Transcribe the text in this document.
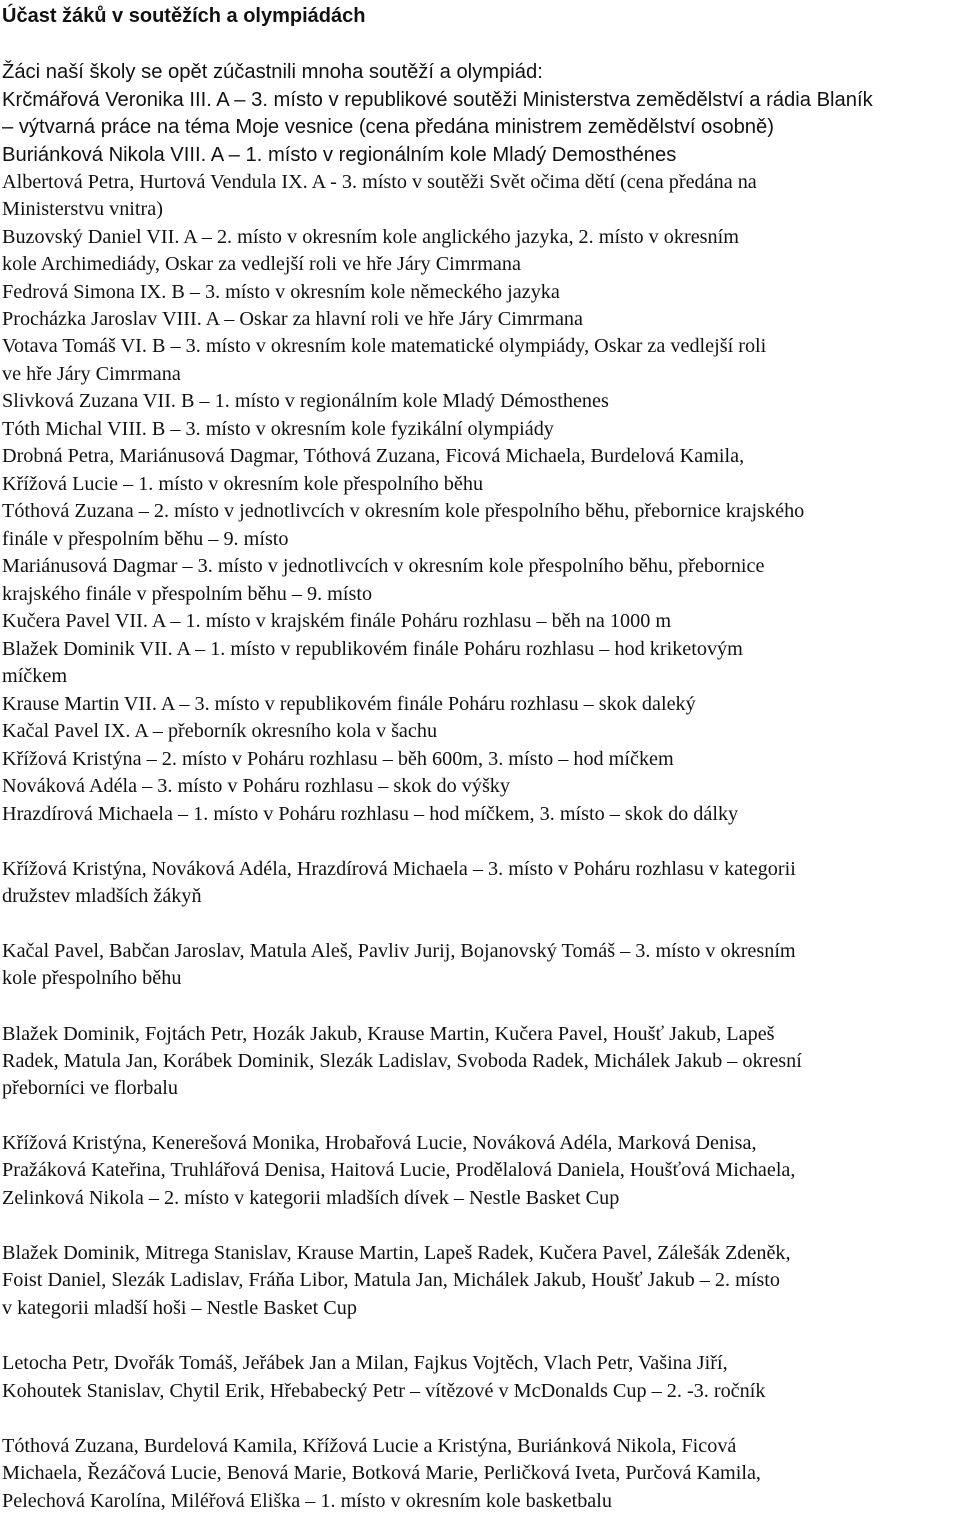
Účast žáků v soutěžích a olympiádách

Žáci naší školy se opět zúčastnili mnoha soutěží a olympiád:

Krčmářová Veronika III. A – 3. místo v republikové soutěži Ministerstva zemědělství a rádia Blaník

– výtvarná práce na téma Moje vesnice (cena předána ministrem zemědělství osobně)

Buriánková Nikola VIII. A – 1. místo v regionálním kole Mladý Demosthénes

Albertová Petra, Hurtová Vendula IX. A - 3. místo v soutěži Svět očima dětí (cena předána na

Ministerstvu vnitra)

Buzovský Daniel VII. A – 2. místo v okresním kole anglického jazyka, 2. místo v okresním

kole Archimediády, Oskar za vedlejší roli ve hře Járy Cimrmana

Fedrová Simona IX. B – 3. místo v okresním kole německého jazyka

Procházka Jaroslav VIII. A – Oskar za hlavní roli ve hře Járy Cimrmana

Votava Tomáš VI. B – 3. místo v okresním kole matematické olympiády, Oskar za vedlejší roli

ve hře Járy Cimrmana

Slivková Zuzana VII. B – 1. místo v regionálním kole Mladý Démosthenes

Tóth Michal VIII. B – 3. místo v okresním kole fyzikální olympiády

Drobná Petra, Mariánusová Dagmar, Tóthová Zuzana, Ficová Michaela, Burdelová Kamila,

Křížová Lucie – 1. místo v okresním kole přespolního běhu

Tóthová Zuzana – 2. místo v jednotlivcích v okresním kole přespolního běhu, přebornice krajského

finále v přespolním běhu – 9. místo

Mariánusová Dagmar – 3. místo v jednotlivcích v okresním kole přespolního běhu, přebornice

krajského finále v přespolním běhu – 9. místo

Kučera Pavel VII. A – 1. místo v krajském finále Poháru rozhlasu – běh na 1000 m

Blažek Dominik VII. A – 1. místo v republikovém finále Poháru rozhlasu – hod kriketovým

míčkem

Krause Martin VII. A – 3. místo v republikovém finále Poháru rozhlasu – skok daleký

Kačal Pavel IX. A – přeborník okresního kola v šachu

Křížová Kristýna – 2. místo v Poháru rozhlasu – běh 600m, 3. místo – hod míčkem

Nováková Adéla – 3. místo v Poháru rozhlasu – skok do výšky

Hrazdírová Michaela – 1. místo v Poháru rozhlasu – hod míčkem, 3. místo – skok do dálky

Křížová Kristýna, Nováková Adéla, Hrazdírová Michaela – 3. místo v Poháru rozhlasu v kategorii

družstev mladších žákyň

Kačal Pavel, Babčan Jaroslav, Matula Aleš, Pavliv Jurij, Bojanovský Tomáš – 3. místo v okresním

kole přespolního běhu

Blažek Dominik, Fojtách Petr, Hozák Jakub, Krause Martin, Kučera Pavel, Houšť Jakub, Lapeš

Radek, Matula Jan, Korábek Dominik, Slezák Ladislav, Svoboda Radek, Michálek Jakub – okresní

přeborníci ve florbalu

Křížová Kristýna, Kenerešová Monika, Hrobařová Lucie, Nováková Adéla, Marková Denisa,

Pražáková Kateřina, Truhlářová Denisa, Haitová Lucie, Prodělalová Daniela, Houšťová Michaela,

Zelinková Nikola – 2. místo v kategorii mladších dívek – Nestle Basket Cup

Blažek Dominik, Mitrega Stanislav, Krause Martin, Lapeš Radek, Kučera Pavel, Zálešák Zdeněk,

Foist Daniel, Slezák Ladislav, Fráňa Libor, Matula Jan, Michálek Jakub, Houšť Jakub – 2. místo

v kategorii mladší hoši – Nestle Basket Cup

Letocha Petr, Dvořák Tomáš, Jeřábek Jan a Milan, Fajkus Vojtěch, Vlach Petr, Vašina Jiří,

Kohoutek Stanislav, Chytil Erik, Hřebabecký Petr – vítězové v McDonalds Cup – 2. -3. ročník

Tóthová Zuzana, Burdelová Kamila, Křížová Lucie a Kristýna, Buriánková Nikola, Ficová

Michaela, Řezáčová Lucie, Benová Marie, Botková Marie, Perličková Iveta, Purčová Kamila,

Pelechová Karolína, Miléřová Eliška – 1. místo v okresním kole basketbalu
